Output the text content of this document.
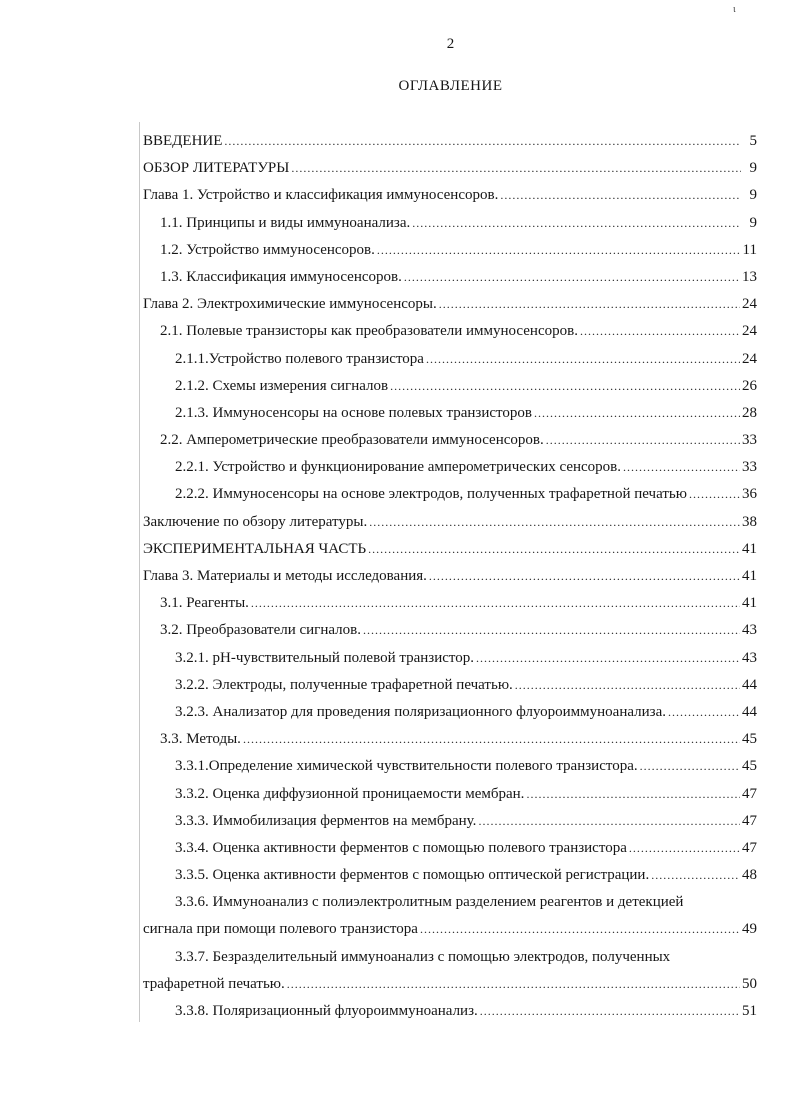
ι
2
ОГЛАВЛЕНИЕ
ВВЕДЕНИЕ .....	5
ОБЗОР ЛИТЕРАТУРЫ .....	9
Глава 1. Устройство и классификация иммуносенсоров. .....	9
1.1. Принципы и виды иммуноанализа. .....	9
1.2. Устройство иммуносенсоров. .....	11
1.3. Классификация иммуносенсоров. .....	13
Глава 2. Электрохимические иммуносенсоры. .....	24
2.1. Полевые транзисторы как преобразователи иммуносенсоров. .....	24
2.1.1.Устройство полевого транзистора .....	24
2.1.2. Схемы измерения сигналов .....	26
2.1.3. Иммуносенсоры на основе полевых транзисторов .....	28
2.2. Амперометрические преобразователи иммуносенсоров. .....	33
2.2.1. Устройство и функционирование амперометрических сенсоров. .....	33
2.2.2. Иммуносенсоры на основе электродов, полученных трафаретной печатью .....	36
Заключение по обзору литературы. .....	38
ЭКСПЕРИМЕНТАЛЬНАЯ ЧАСТЬ .....	41
Глава 3. Материалы и методы исследования. .....	41
3.1. Реагенты. .....	41
3.2. Преобразователи сигналов. .....	43
3.2.1. pH-чувствительный полевой транзистор. .....	43
3.2.2. Электроды, полученные трафаретной печатью. .....	44
3.2.3. Анализатор для проведения поляризационного флуороиммуноанализа. .....	44
3.3. Методы. .....	45
3.3.1.Определение химической чувствительности полевого транзистора. .....	45
3.3.2. Оценка диффузионной проницаемости мембран. .....	47
3.3.3. Иммобилизация ферментов на мембрану. .....	47
3.3.4. Оценка активности ферментов с помощью полевого транзистора .....	47
3.3.5. Оценка активности ферментов с помощью оптической регистрации. .....	48
3.3.6. Иммуноанализ с полиэлектролитным разделением реагентов и детекцией
сигнала при помощи полевого транзистора .....	49
3.3.7. Безразделительный иммуноанализ с помощью электродов, полученных
трафаретной печатью. .....	50
3.3.8. Поляризационный флуороиммуноанализ. .....	51
